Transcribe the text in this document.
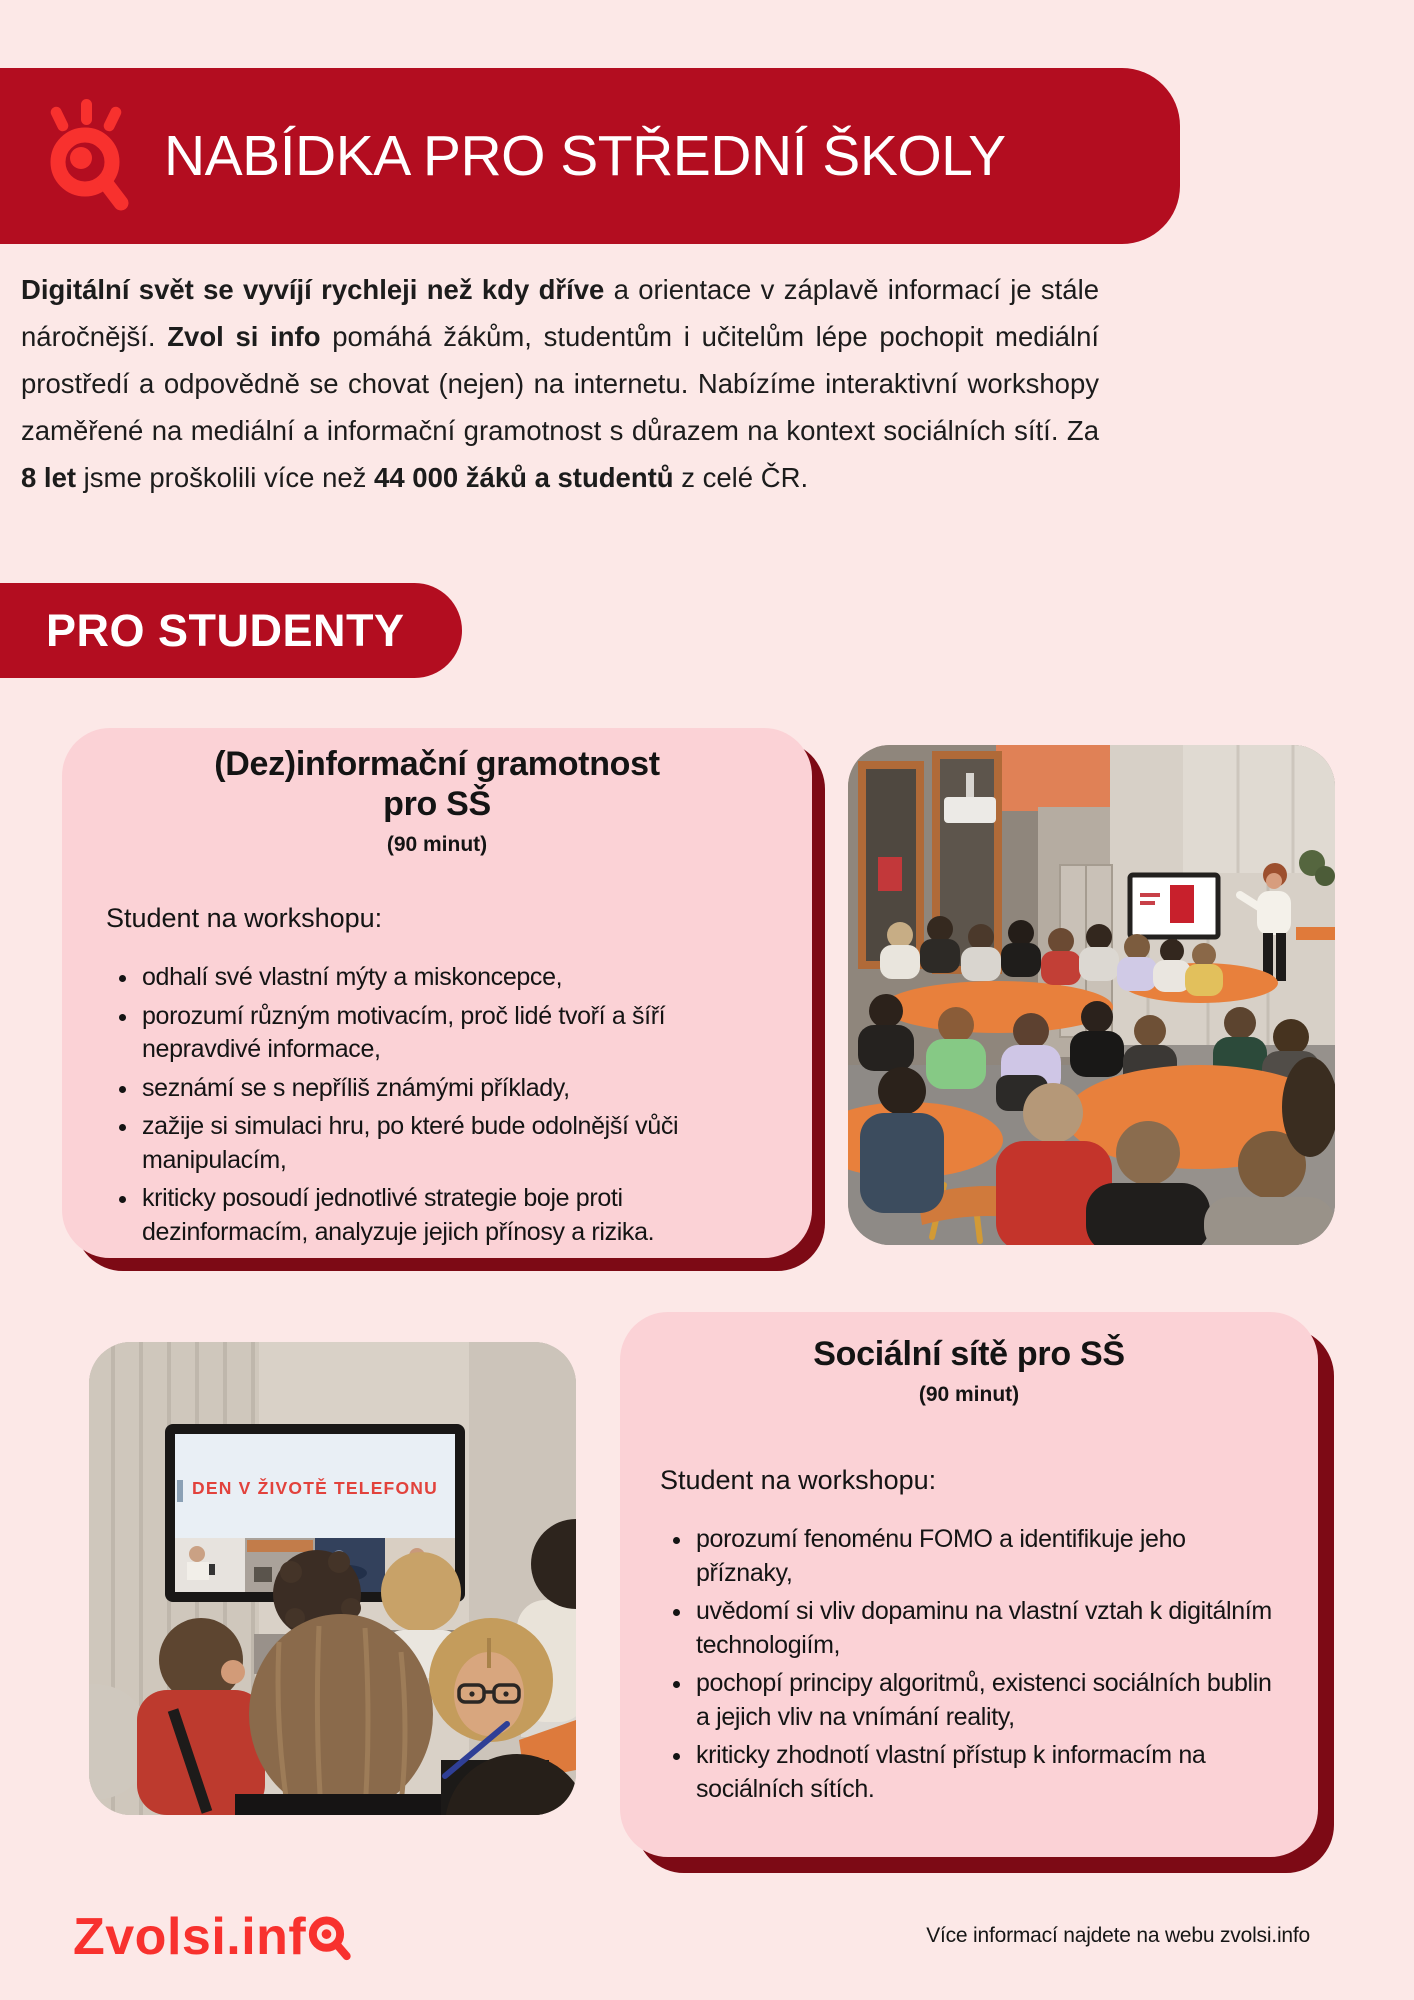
NABÍDKA PRO STŘEDNÍ ŠKOLY

Digitální svět se vyvíjí rychleji než kdy dříve a orientace v záplavě informací je stále náročnější. Zvol si info pomáhá žákům, studentům i učitelům lépe pochopit mediální prostředí a odpovědně se chovat (nejen) na internetu. Nabízíme interaktivní workshopy zaměřené na mediální a informační gramotnost s důrazem na kontext sociálních sítí. Za 8 let jsme proškolili více než 44 000 žáků a studentů z celé ČR.

PRO STUDENTY
(Dez)informační gramotnost
pro SŠ
(90 minut)

Student na workshopu:

• odhalí své vlastní mýty a miskoncepce,
• porozumí různým motivacím, proč lidé tvoří a šíří nepravdivé informace,
• seznámí se s nepříliš známými příklady,
• zažije si simulaci hru, po které bude odolnější vůči manipulacím,
• kriticky posoudí jednotlivé strategie boje proti dezinformacím, analyzuje jejich přínosy a rizika.
DEN V ŽIVOTĚ TELEFONU
Sociální sítě pro SŠ
(90 minut)

Student na workshopu:

• porozumí fenoménu FOMO a identifikuje jeho příznaky,
• uvědomí si vliv dopaminu na vlastní vztah k digitálním technologiím,
• pochopí principy algoritmů, existenci sociálních bublin a jejich vliv na vnímání reality,
• kriticky zhodnotí vlastní přístup k informacím na sociálních sítích.
Zvolsi.inf	Více informací najdete na webu zvolsi.info
